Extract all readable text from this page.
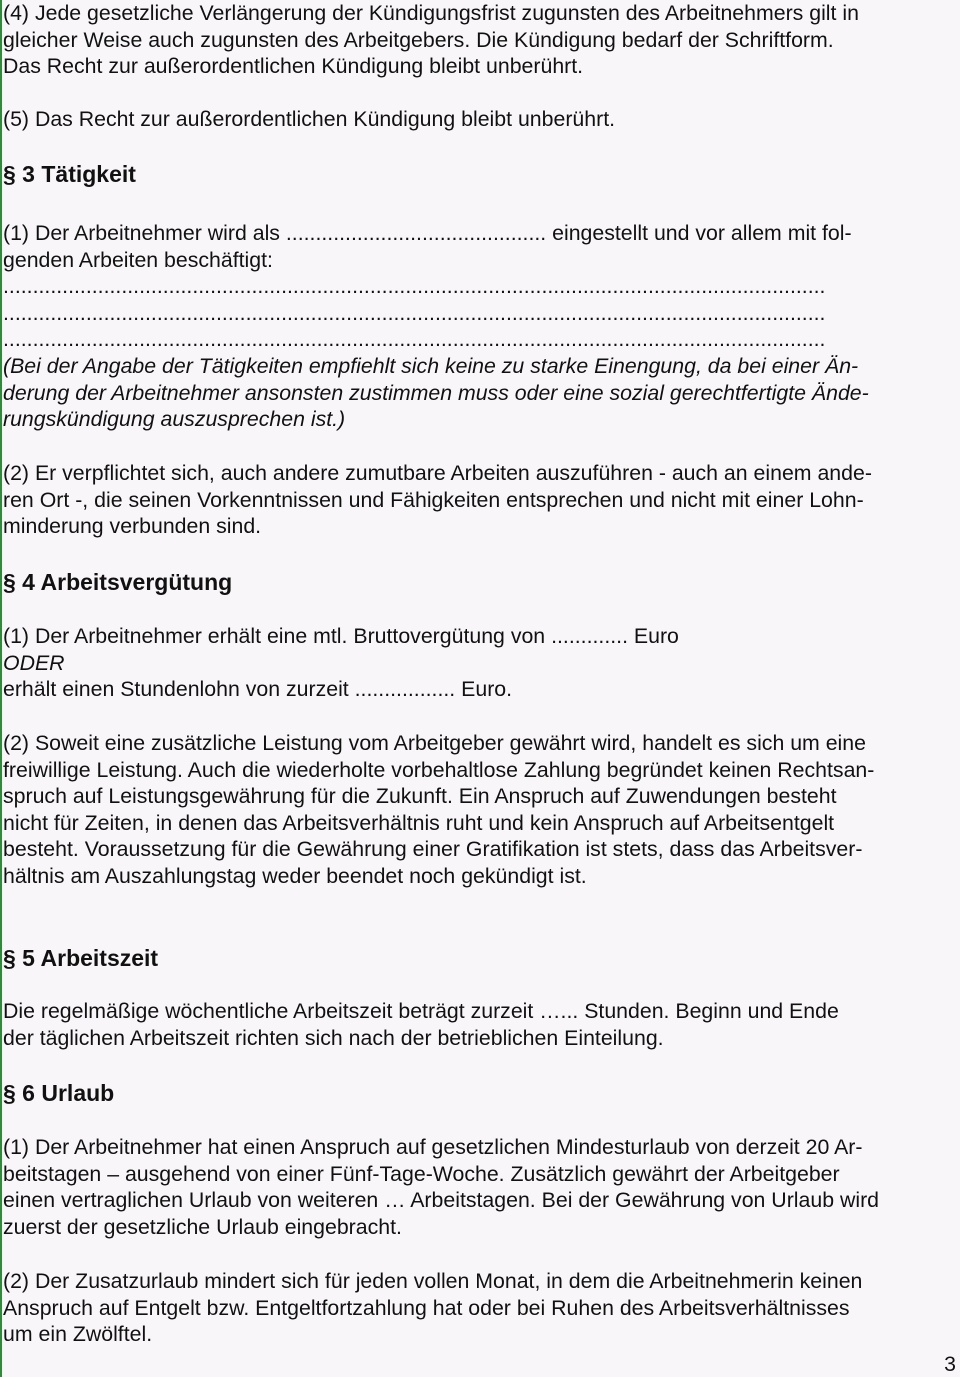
(4) Jede gesetzliche Verlängerung der Kündigungsfrist zugunsten des Arbeitnehmers gilt in
gleicher Weise auch zugunsten des Arbeitgebers. Die Kündigung bedarf der Schriftform.
Das Recht zur außerordentlichen Kündigung bleibt unberührt.
(5) Das Recht zur außerordentlichen Kündigung bleibt unberührt.
§ 3 Tätigkeit
(1) Der Arbeitnehmer wird als ............................................ eingestellt und vor allem mit fol-
genden Arbeiten beschäftigt:
...........................................................................................................................................
...........................................................................................................................................
...........................................................................................................................................
(Bei der Angabe der Tätigkeiten empfiehlt sich keine zu starke Einengung, da bei einer Än-
derung der Arbeitnehmer ansonsten zustimmen muss oder eine sozial gerechtfertigte Ände-
rungskündigung auszusprechen ist.)
(2) Er verpflichtet sich, auch andere zumutbare Arbeiten auszuführen - auch an einem ande-
ren Ort -, die seinen Vorkenntnissen und Fähigkeiten entsprechen und nicht mit einer Lohn-
minderung verbunden sind.
§ 4 Arbeitsvergütung
(1) Der Arbeitnehmer erhält eine mtl. Bruttovergütung von ............. Euro
ODER
erhält einen Stundenlohn von zurzeit ................. Euro.
(2) Soweit eine zusätzliche Leistung vom Arbeitgeber gewährt wird, handelt es sich um eine
freiwillige Leistung. Auch die wiederholte vorbehaltlose Zahlung begründet keinen Rechtsan-
spruch auf Leistungsgewährung für die Zukunft. Ein Anspruch auf Zuwendungen besteht
nicht für Zeiten, in denen das Arbeitsverhältnis ruht und kein Anspruch auf Arbeitsentgelt
besteht. Voraussetzung für die Gewährung einer Gratifikation ist stets, dass das Arbeitsver-
hältnis am Auszahlungstag weder beendet noch gekündigt ist.
§ 5 Arbeitszeit
Die regelmäßige wöchentliche Arbeitszeit beträgt zurzeit …... Stunden. Beginn und Ende
der täglichen Arbeitszeit richten sich nach der betrieblichen Einteilung.
§ 6 Urlaub
(1) Der Arbeitnehmer hat einen Anspruch auf gesetzlichen Mindesturlaub von derzeit 20 Ar-
beitstagen – ausgehend von einer Fünf-Tage-Woche. Zusätzlich gewährt der Arbeitgeber
einen vertraglichen Urlaub von weiteren … Arbeitstagen. Bei der Gewährung von Urlaub wird
zuerst der gesetzliche Urlaub eingebracht.
(2) Der Zusatzurlaub mindert sich für jeden vollen Monat, in dem die Arbeitnehmerin keinen
Anspruch auf Entgelt bzw. Entgeltfortzahlung hat oder bei Ruhen des Arbeitsverhältnisses
um ein Zwölftel.
3
